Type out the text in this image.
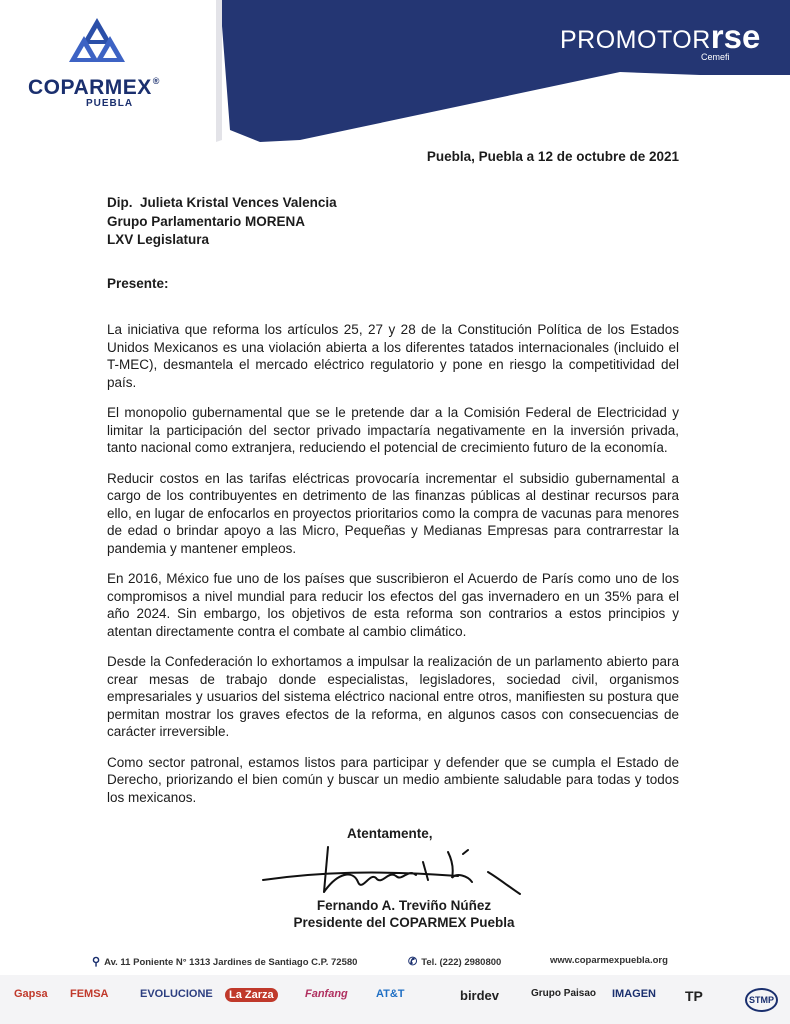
COPARMEX®
PUEBLA
PROMOTORrse
Cemefi
Puebla, Puebla a 12 de octubre de 2021
Dip.  Julieta Kristal Vences Valencia
Grupo Parlamentario MORENA
LXV Legislatura
Presente:

La iniciativa que reforma los artículos 25, 27 y 28 de la Constitución Política de los Estados Unidos Mexicanos es una violación abierta a los diferentes tatados internacionales (incluido el T-MEC), desmantela el mercado eléctrico regulatorio y pone en riesgo la competitividad del país.

El monopolio gubernamental que se le pretende dar a la Comisión Federal de Electricidad y limitar la participación del sector privado impactaría negativamente en la inversión privada, tanto nacional como extranjera, reduciendo el potencial de crecimiento futuro de la economía.

Reducir costos en las tarifas eléctricas provocaría incrementar el subsidio gubernamental a cargo de los contribuyentes en detrimento de las finanzas públicas al destinar recursos para ello, en lugar de enfocarlos en proyectos prioritarios como la compra de vacunas para menores de edad o brindar apoyo a las Micro, Pequeñas y Medianas Empresas para contrarrestar la pandemia y mantener empleos.

En 2016, México fue uno de los países que suscribieron el Acuerdo de París como uno de los compromisos a nivel mundial para reducir los efectos del gas invernadero en un 35% para el año 2024. Sin embargo, los objetivos de esta reforma son contrarios a estos principios y atentan directamente contra el combate al cambio climático.

Desde la Confederación lo exhortamos a impulsar la realización de un parlamento abierto para crear mesas de trabajo donde especialistas, legisladores, sociedad civil, organismos empresariales y usuarios del sistema eléctrico nacional entre otros, manifiesten su postura que permitan mostrar los graves efectos de la reforma, en algunos casos con consecuencias de carácter irreversible.

Como sector patronal, estamos listos para participar y defender que se cumpla el Estado de Derecho, priorizando el bien común y buscar un medio ambiente saludable para todas y todos los mexicanos.

Atentamente,
Fernando A. Treviño Núñez
Presidente del COPARMEX Puebla
⚲ Av. 11 Poniente N° 1313 Jardines de Santiago C.P. 72580	✆ Tel. (222) 2980800	www.coparmexpuebla.org
Gapsa FEMSA	EVOLUCIONE	La Zarza	Fanfang	AT&T	birdev	Grupo Paisao IMAGEN TP	STMP
